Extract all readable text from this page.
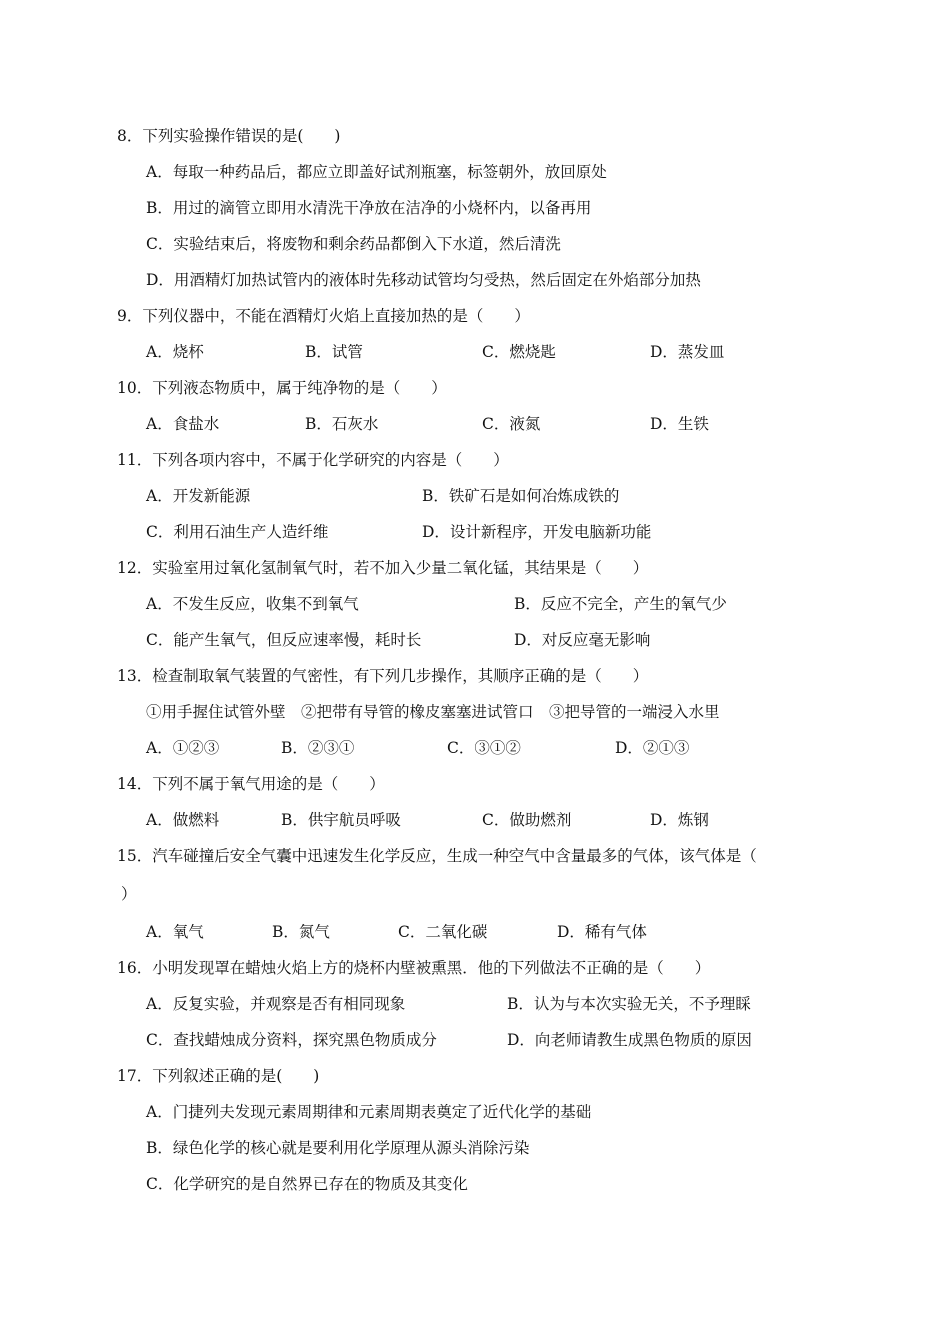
8．下列实验操作错误的是(　　)
A．每取一种药品后，都应立即盖好试剂瓶塞，标签朝外，放回原处
B．用过的滴管立即用水清洗干净放在洁净的小烧杯内，以备再用
C．实验结束后，将废物和剩余药品都倒入下水道，然后清洗
D．用酒精灯加热试管内的液体时先移动试管均匀受热，然后固定在外焰部分加热
9．下列仪器中，不能在酒精灯火焰上直接加热的是（　　）
A．烧杯	B．试管	C．燃烧匙	D．蒸发皿
10．下列液态物质中，属于纯净物的是（　　）
A．食盐水	B．石灰水	C．液氮	D．生铁
11．下列各项内容中，不属于化学研究的内容是（　　）
A．开发新能源	B．铁矿石是如何冶炼成铁的
C．利用石油生产人造纤维	D．设计新程序，开发电脑新功能
12．实验室用过氧化氢制氧气时，若不加入少量二氧化锰，其结果是（　　）
A．不发生反应，收集不到氧气	B．反应不完全，产生的氧气少
C．能产生氧气，但反应速率慢，耗时长	D．对反应毫无影响
13．检查制取氧气装置的气密性，有下列几步操作，其顺序正确的是（　　）
①用手握住试管外壁　②把带有导管的橡皮塞塞进试管口　③把导管的一端浸入水里
A．①②③	B．②③①	C．③①②	D．②①③
14．下列不属于氧气用途的是（　　）
A．做燃料	B．供宇航员呼吸	C．做助燃剂	D．炼钢
15．汽车碰撞后安全气囊中迅速发生化学反应，生成一种空气中含量最多的气体，该气体是（
）
A．氧气	B．氮气	C．二氧化碳	D．稀有气体
16．小明发现罩在蜡烛火焰上方的烧杯内壁被熏黑．他的下列做法不正确的是（　　）
A．反复实验，并观察是否有相同现象	B．认为与本次实验无关，不予理睬
C．查找蜡烛成分资料，探究黑色物质成分	D．向老师请教生成黑色物质的原因
17．下列叙述正确的是(　　)
A．门捷列夫发现元素周期律和元素周期表奠定了近代化学的基础
B．绿色化学的核心就是要利用化学原理从源头消除污染
C．化学研究的是自然界已存在的物质及其变化
